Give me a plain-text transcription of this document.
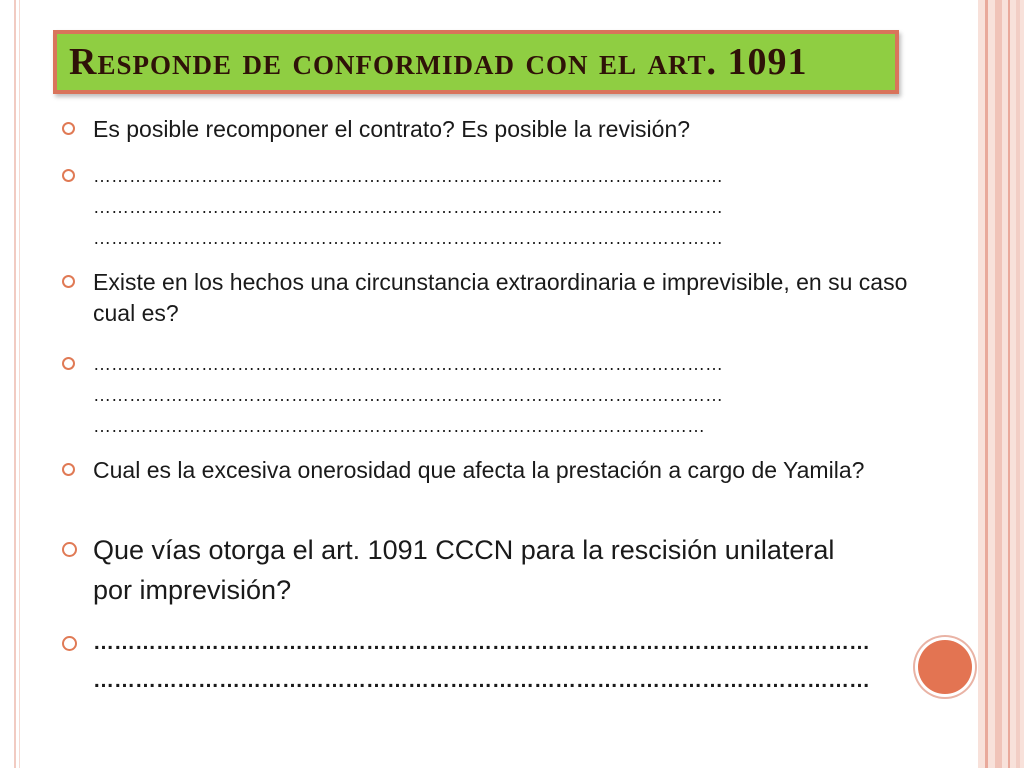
Responde de conformidad con el art. 1091
Es posible recomponer el contrato? Es posible la revisión?
……………………………………………………………………………………………
……………………………………………………………………………………………
……………………………………………………………………………………………
Existe en los hechos una circunstancia extraordinaria e imprevisible, en su caso cual es?
……………………………………………………………………………………………
……………………………………………………………………………………………
…………………………………………………………………………………………
Cual es la excesiva onerosidad que afecta la prestación a cargo de Yamila?
Que vías otorga el art. 1091 CCCN para la rescisión unilateral por imprevisión?
…………………………………………………………………………………………………
…………………………………………………………………………………………………
